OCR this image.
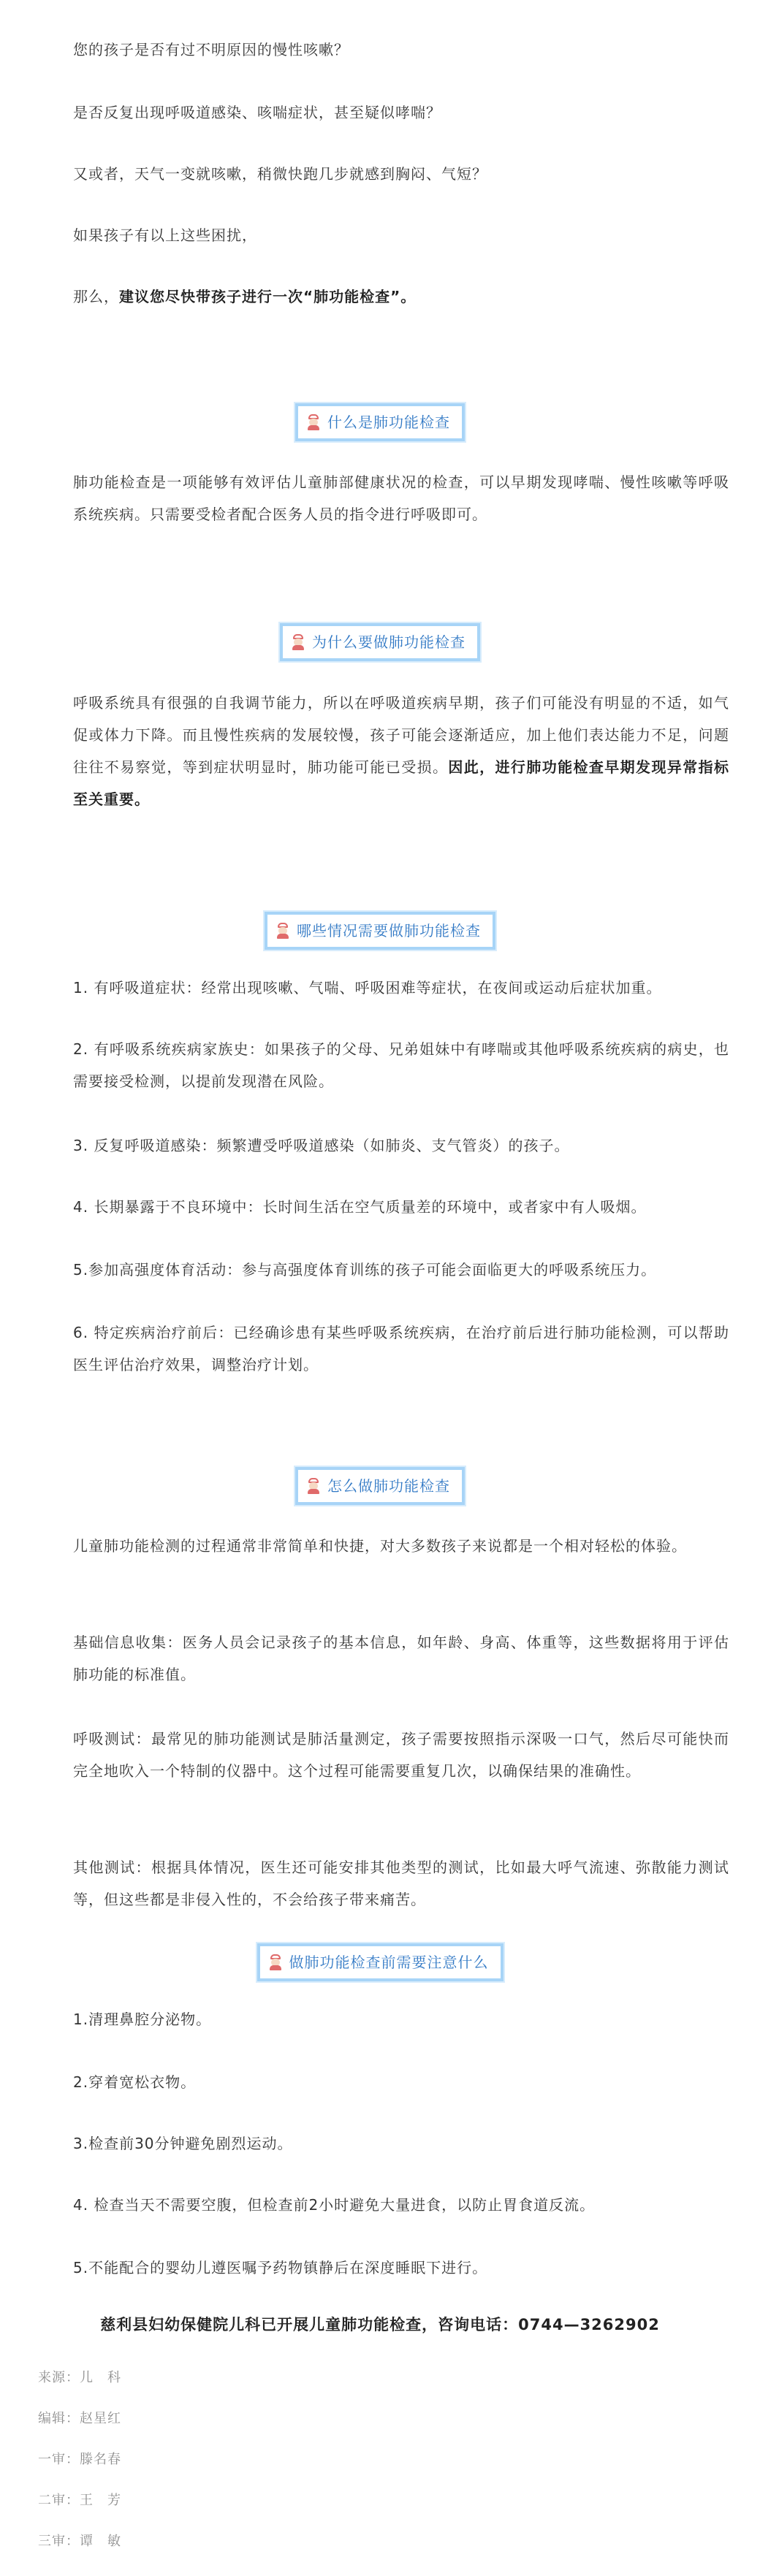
您的孩子是否有过不明原因的慢性咳嗽？

是否反复出现呼吸道感染、咳喘症状，甚至疑似哮喘？

又或者，天气一变就咳嗽，稍微快跑几步就感到胸闷、气短？

如果孩子有以上这些困扰，

那么，建议您尽快带孩子进行一次“肺功能检查”。

什么是肺功能检查

肺功能检查是一项能够有效评估儿童肺部健康状况的检查，可以早期发现哮喘、慢性咳嗽等呼吸系统疾病。只需要受检者配合医务人员的指令进行呼吸即可。

为什么要做肺功能检查

呼吸系统具有很强的自我调节能力，所以在呼吸道疾病早期，孩子们可能没有明显的不适，如气促或体力下降。而且慢性疾病的发展较慢，孩子可能会逐渐适应，加上他们表达能力不足，问题往往不易察觉，等到症状明显时，肺功能可能已受损。因此，进行肺功能检查早期发现异常指标至关重要。

哪些情况需要做肺功能检查

1. 有呼吸道症状：经常出现咳嗽、气喘、呼吸困难等症状，在夜间或运动后症状加重。

2. 有呼吸系统疾病家族史：如果孩子的父母、兄弟姐妹中有哮喘或其他呼吸系统疾病的病史，也需要接受检测，以提前发现潜在风险。

3. 反复呼吸道感染：频繁遭受呼吸道感染（如肺炎、支气管炎）的孩子。

4. 长期暴露于不良环境中：长时间生活在空气质量差的环境中，或者家中有人吸烟。

5.参加高强度体育活动：参与高强度体育训练的孩子可能会面临更大的呼吸系统压力。

6. 特定疾病治疗前后：已经确诊患有某些呼吸系统疾病，在治疗前后进行肺功能检测，可以帮助医生评估治疗效果，调整治疗计划。

怎么做肺功能检查

儿童肺功能检测的过程通常非常简单和快捷，对大多数孩子来说都是一个相对轻松的体验。

基础信息收集：医务人员会记录孩子的基本信息，如年龄、身高、体重等，这些数据将用于评估肺功能的标准值。

呼吸测试：最常见的肺功能测试是肺活量测定，孩子需要按照指示深吸一口气，然后尽可能快而完全地吹入一个特制的仪器中。这个过程可能需要重复几次，以确保结果的准确性。

其他测试：根据具体情况，医生还可能安排其他类型的测试，比如最大呼气流速、弥散能力测试等，但这些都是非侵入性的，不会给孩子带来痛苦。

做肺功能检查前需要注意什么

1.清理鼻腔分泌物。

2.穿着宽松衣物。

3.检查前30分钟避免剧烈运动。

4. 检查当天不需要空腹，但检查前2小时避免大量进食，以防止胃食道反流。

5.不能配合的婴幼儿遵医嘱予药物镇静后在深度睡眠下进行。

慈利县妇幼保健院儿科已开展儿童肺功能检查，咨询电话：0744—3262902
来源：儿　科
编辑：赵星红
一审：滕名春
二审：王　芳
三审：谭　敏
